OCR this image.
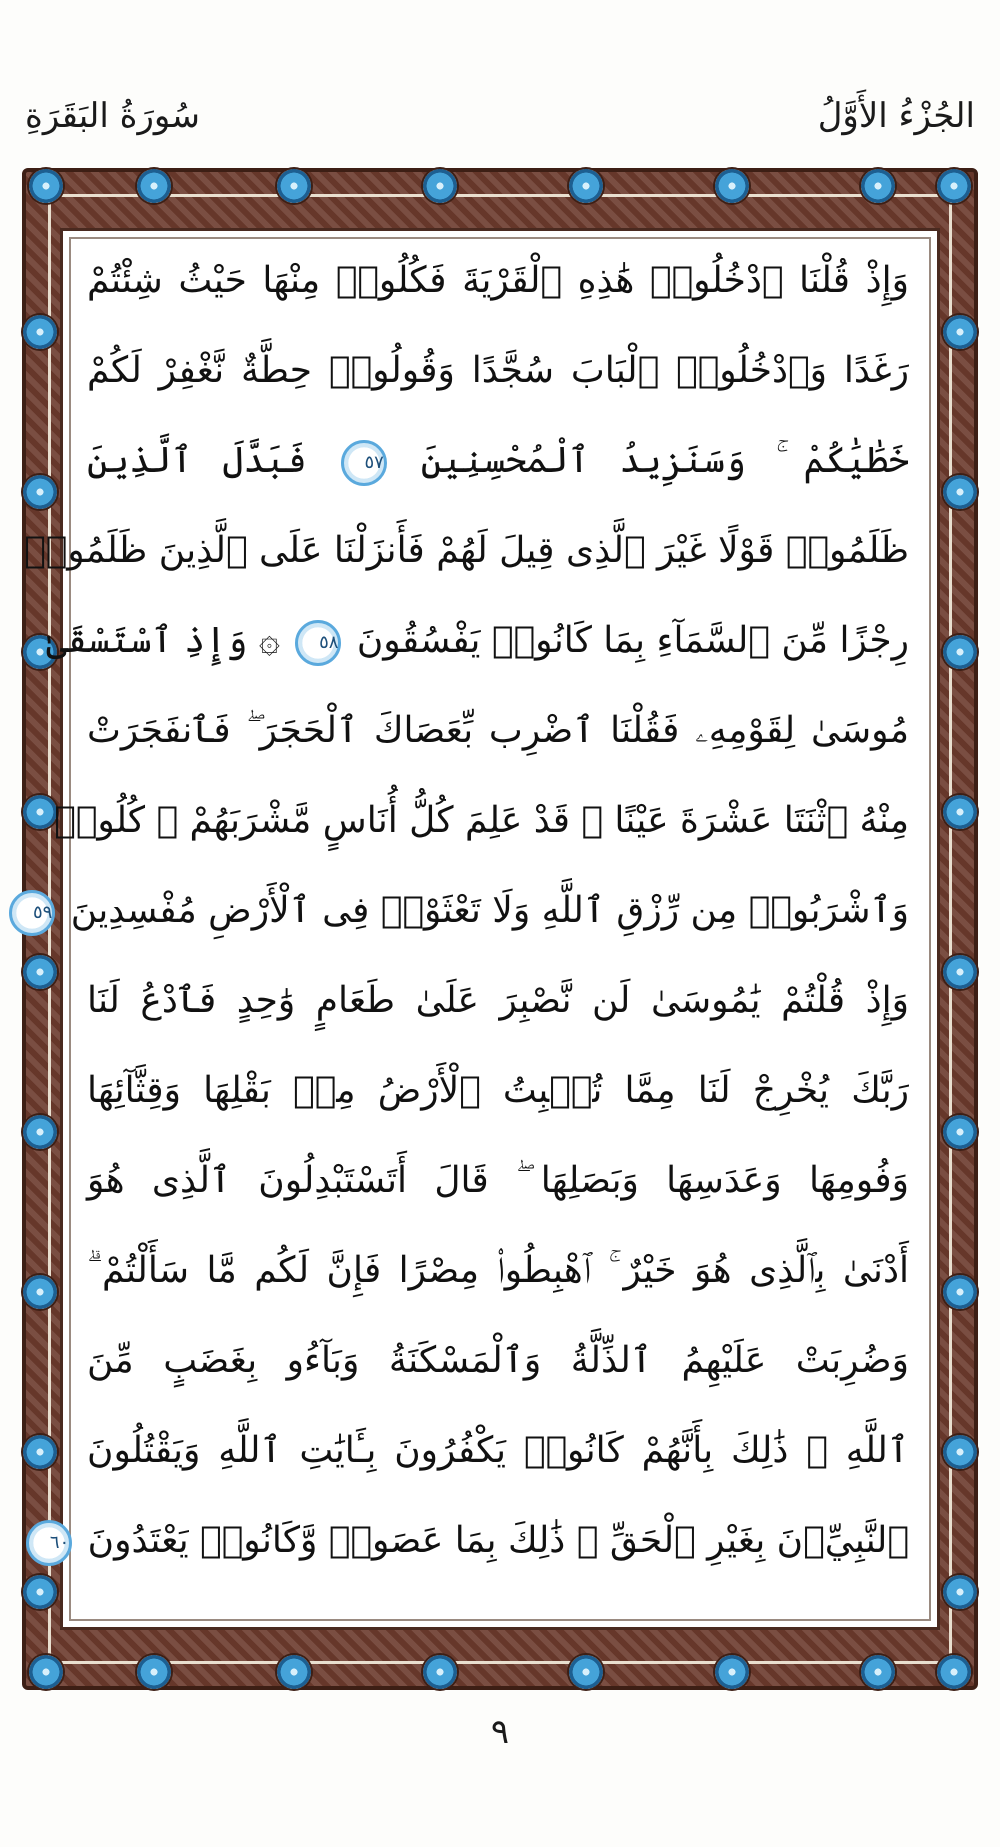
الجُزْءُ الأَوَّلُ
سُورَةُ البَقَرَةِ
وَإِذْ قُلْنَا ٱدْخُلُوا۟ هَٰذِهِ ٱلْقَرْيَةَ فَكُلُوا۟ مِنْهَا حَيْثُ شِئْتُمْ
رَغَدًا وَٱدْخُلُوا۟ ٱلْبَابَ سُجَّدًا وَقُولُوا۟ حِطَّةٌ نَّغْفِرْ لَكُمْ
خَطَٰيَٰكُمْ ۚ وَسَنَزِيدُ ٱلْمُحْسِنِينَ ٥٧ فَبَدَّلَ ٱلَّذِينَ
ظَلَمُوا۟ قَوْلًا غَيْرَ ٱلَّذِى قِيلَ لَهُمْ فَأَنزَلْنَا عَلَى ٱلَّذِينَ ظَلَمُوا۟
رِجْزًا مِّنَ ٱلسَّمَآءِ بِمَا كَانُوا۟ يَفْسُقُونَ ٥٨ ۞ وَإِذِ ٱسْتَسْقَىٰ
مُوسَىٰ لِقَوْمِهِۦ فَقُلْنَا ٱضْرِب بِّعَصَاكَ ٱلْحَجَرَ ۖ فَٱنفَجَرَتْ
مِنْهُ ٱثْنَتَا عَشْرَةَ عَيْنًا ۖ قَدْ عَلِمَ كُلُّ أُنَاسٍ مَّشْرَبَهُمْ ۖ كُلُوا۟
وَٱشْرَبُوا۟ مِن رِّزْقِ ٱللَّهِ وَلَا تَعْثَوْا۟ فِى ٱلْأَرْضِ مُفْسِدِينَ ٥٩
وَإِذْ قُلْتُمْ يَٰمُوسَىٰ لَن نَّصْبِرَ عَلَىٰ طَعَامٍ وَٰحِدٍ فَٱدْعُ لَنَا
رَبَّكَ يُخْرِجْ لَنَا مِمَّا تُنۢبِتُ ٱلْأَرْضُ مِنۢ بَقْلِهَا وَقِثَّآئِهَا
وَفُومِهَا وَعَدَسِهَا وَبَصَلِهَا ۖ قَالَ أَتَسْتَبْدِلُونَ ٱلَّذِى هُوَ
أَدْنَىٰ بِٱلَّذِى هُوَ خَيْرٌ ۚ ٱهْبِطُوا۟ مِصْرًا فَإِنَّ لَكُم مَّا سَأَلْتُمْ ۗ
وَضُرِبَتْ عَلَيْهِمُ ٱلذِّلَّةُ وَٱلْمَسْكَنَةُ وَبَآءُو بِغَضَبٍ مِّنَ
ٱللَّهِ ۗ ذَٰلِكَ بِأَنَّهُمْ كَانُوا۟ يَكْفُرُونَ بِـَٔايَٰتِ ٱللَّهِ وَيَقْتُلُونَ
ٱلنَّبِيِّۦنَ بِغَيْرِ ٱلْحَقِّ ۗ ذَٰلِكَ بِمَا عَصَوا۟ وَّكَانُوا۟ يَعْتَدُونَ ٦٠
٩
